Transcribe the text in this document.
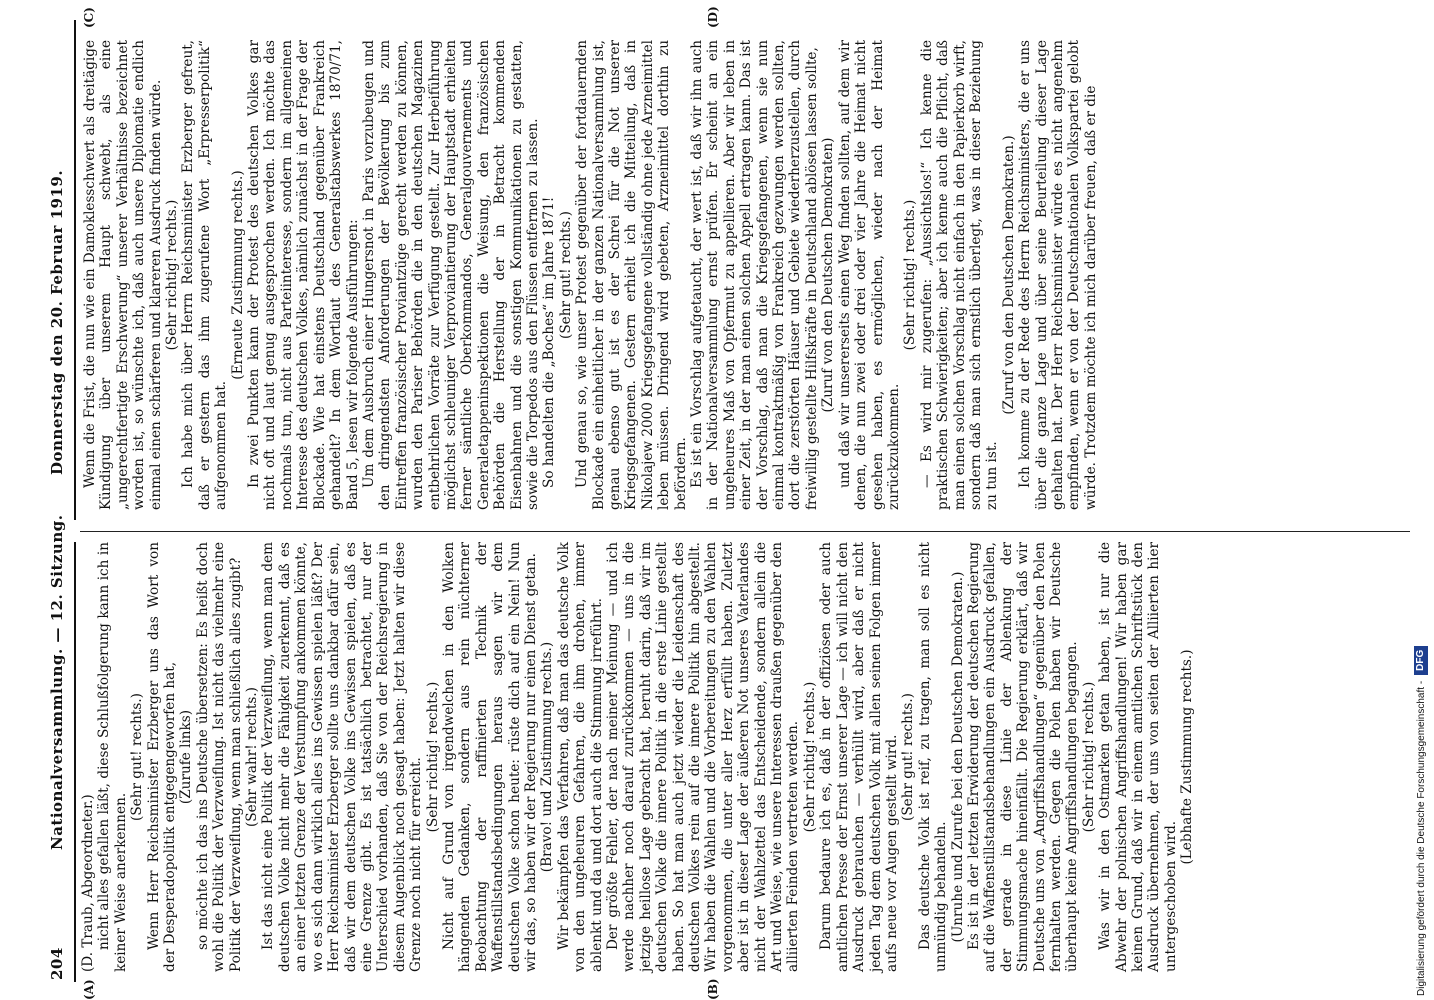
204
Nationalversammlung. — 12. Sitzung.
Donnerstag den 20. Februar 1919.
(A)	(B)
(C)	(D)

(D. Traub, Abgeordneter.) nicht alles gefallen läßt, diese Schlußfolgerung kann ich in keiner Weise anerkennen.

(Sehr gut! rechts.) Wenn Herr Reichsminister Erzberger uns das Wort von der Desperadopolitik entgegengeworfen hat, (Zurufe links) so möchte ich das ins Deutsche übersetzen: Es heißt doch wohl die Politik der Verzweiflung. Ist nicht das vielmehr eine Politik der Verzweiflung, wenn man schließlich alles zugibt? (Sehr wahr! rechts.) Ist das nicht eine Politik der Verzweiflung, wenn man dem deutschen Volke nicht mehr die Fähigkeit zuerkennt, daß es an einer letzten Grenze der Verstumpfung ankommen könnte, wo es sich dann wirklich alles ins Gewissen spielen läßt? Der Herr Reichsminister Erzberger sollte uns dankbar dafür sein, daß wir dem deutschen Volke ins Gewissen spielen, daß es eine Grenze gibt. Es ist tatsächlich betrachtet, nur der Unterschied vorhanden, daß Sie von der Reichsregierung in diesem Augenblick noch gesagt haben: Jetzt halten wir diese Grenze noch nicht für erreicht.

(Sehr richtig! rechts.) Nicht auf Grund von irgendwelchen in den Wolken hängenden Gedanken, sondern aus rein nüchterner Beobachtung der raffinierten Technik der Waffenstillstandsbedingungen heraus sagen wir dem deutschen Volke schon heute: rüste dich auf ein Nein! Nun wir das, so haben wir der Regierung nur einen Dienst getan. (Bravo! und Zustimmung rechts.) Wir bekämpfen das Verfahren, daß man das deutsche Volk von den ungeheuren Gefahren, die ihm drohen, immer ablenkt und da und dort auch die Stimmung irreführt. Der größte Fehler, der nach meiner Meinung — und ich werde nachher noch darauf zurückkommen — uns in die jetzige heillose Lage gebracht hat, beruht darin, daß wir im deutschen Volke die innere Politik in die erste Linie gestellt haben. So hat man auch jetzt wieder die Leidenschaft des deutschen Volkes rein auf die innere Politik hin abgestellt. Wir haben die Wahlen und die Vorbereitungen zu den Wahlen vorgenommen, die unter aller Herz erfüllt haben. Zuletzt aber ist in dieser Lage der äußeren Not unseres Vaterlandes nicht der Wahlzettel das Entscheidende, sondern allein die Art und Weise, wie unsere Interessen draußen gegenüber den alliierten Feinden vertreten werden. (Sehr richtig! rechts.) Darum bedaure ich es, daß in der offiziösen oder auch amtlichen Presse der Ernst unserer Lage — ich will nicht den Ausdruck gebrauchen — verhüllt wird, aber daß er nicht jeden Tag dem deutschen Volk mit allen seinen Folgen immer aufs neue vor Augen gestellt wird. (Sehr gut! rechts.) Das deutsche Volk ist reif, zu tragen, man soll es nicht unmündig behandeln. (Unruhe und Zurufe bei den Deutschen Demokraten.) Es ist in der letzten Erwiderung der deutschen Regierung auf die Waffenstillstandsbehandlungen ein Ausdruck gefallen, der gerade in diese Linie der Ablenkung der Stimmungsmache hineinfällt. Die Regierung erklärt, daß wir Deutsche uns von „Angriffshandlungen“ gegenüber den Polen fernhalten werden. Gegen die Polen haben wir Deutsche überhaupt keine Angriffshandlungen begangen. (Sehr richtig! rechts.) Was wir in den Ostmarken getan haben, ist nur die Abwehr der polnischen Angriffshandlungen! Wir haben gar keinen Grund, daß wir in einem amtlichen Schriftstück den Ausdruck übernehmen, der uns von seiten der Alliierten hier untergeschoben wird.

(Lebhafte Zustimmung rechts.)

Wenn die Frist, die nun wie ein Damoklesschwert als dreitägige Kündigung über unserem Haupt schwebt, als eine „ungerechtfertigte Erschwerung“ unserer Verhältnisse bezeichnet worden ist, so wünschte ich, daß auch unsere Diplomatie endlich einmal einen schärferen und klareren Ausdruck finden würde. (Sehr richtig! rechts.) Ich habe mich über Herrn Reichsminister Erzberger gefreut, daß er gestern das ihm zugerufene Wort „Erpresserpolitik“ aufgenommen hat.

(Erneute Zustimmung rechts.) In zwei Punkten kann der Protest des deutschen Volkes gar nicht oft und laut genug ausgesprochen werden. Ich möchte das nochmals tun, nicht aus Parteiinteresse, sondern im allgemeinen Interesse des deutschen Volkes, nämlich zunächst in der Frage der Blockade. Wie hat einstens Deutschland gegenüber Frankreich gehandelt? In dem Wortlaut des Generalstabswerkes 1870/71, Band 5, lesen wir folgende Ausführungen: Um dem Ausbruch einer Hungersnot in Paris vorzubeugen und den dringendsten Anforderungen der Bevölkerung bis zum Eintreffen französischer Proviantzüge gerecht werden zu können, wurden den Pariser Behörden die in den deutschen Magazinen entbehrlichen Vorräte zur Verfügung gestellt. Zur Herbeiführung möglichst schleuniger Verproviantierung der Hauptstadt erhielten ferner sämtliche Oberkommandos, Generalgouvernements und Generaletappeninspektionen die Weisung, den französischen Behörden die Herstellung der in Betracht kommenden Eisenbahnen und die sonstigen Kommunikationen zu gestatten, sowie die Torpedos aus den Flüssen entfernen zu lassen. So handelten die „Boches“ im Jahre 1871! (Sehr gut! rechts.) Und genau so, wie unser Protest gegenüber der fortdauernden Blockade ein einheitlicher in der ganzen Nationalversammlung ist, genau ebenso gut ist es der Schrei für die Not unserer Kriegsgefangenen. Gestern erhielt ich die Mitteilung, daß in Nikolajew 2000 Kriegsgefangene vollständig ohne jede Arzneimittel leben müssen. Dringend wird gebeten, Arzneimittel dorthin zu befördern. Es ist ein Vorschlag aufgetaucht, der wert ist, daß wir ihn auch in der Nationalversammlung ernst prüfen. Er scheint an ein ungeheures Maß von Opfermut zu appellieren. Aber wir leben in einer Zeit, in der man einen solchen Appell ertragen kann. Das ist der Vorschlag, daß man die Kriegsgefangenen, wenn sie nun einmal kontraktmäßig von Frankreich gezwungen werden sollten, dort die zerstörten Häuser und Gebiete wiederherzustellen, durch freiwillig gestellte Hilfskräfte in Deutschland ablösen lassen sollte, (Zuruf von den Deutschen Demokraten) und daß wir unsererseits einen Weg finden sollten, auf dem wir denen, die nun zwei oder drei oder vier Jahre die Heimat nicht gesehen haben, es ermöglichen, wieder nach der Heimat zurückzukommen.

(Sehr richtig! rechts.) — Es wird mir zugerufen: „Aussichtslos!“ Ich kenne die praktischen Schwierigkeiten; aber ich kenne auch die Pflicht, daß man einen solchen Vorschlag nicht einfach in den Papierkorb wirft, sondern daß man sich ernstlich überlegt, was in dieser Beziehung zu tun ist.

(Zuruf von den Deutschen Demokraten.) Ich komme zu der Rede des Herrn Reichsministers, die er uns über die ganze Lage und über seine Beurteilung dieser Lage gehalten hat. Der Herr Reichsminister würde es nicht angenehm empfinden, wenn er von der Deutschnationalen Volkspartei gelobt würde. Trotzdem möchte ich mich darüber freuen, daß er die

Digitalisierung gefördert durch die Deutsche Forschungsgemeinschaft -
DFG
